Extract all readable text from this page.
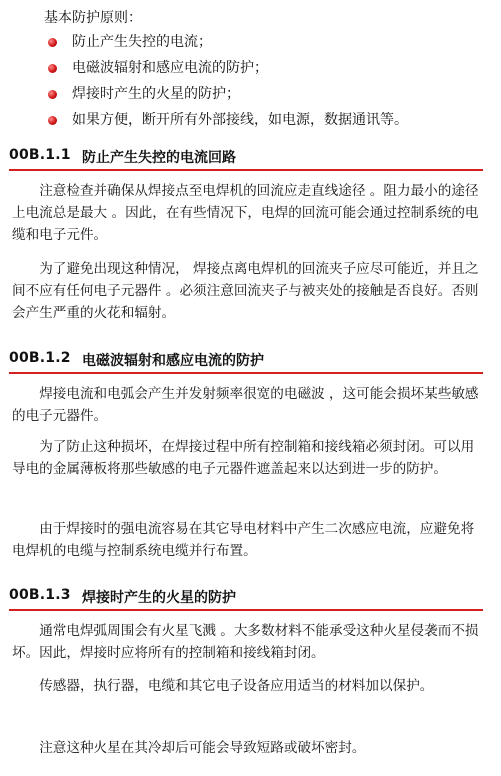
基本防护原则：
防止产生失控的电流；
电磁波辐射和感应电流的防护；
焊接时产生的火星的防护；
如果方便，断开所有外部接线，如电源，数据通讯等。
00B.1.1 防止产生失控的电流回路

注意检查并确保从焊接点至电焊机的回流应走直线途径 。阻力最小的途径上电流总是最大 。因此，在有些情况下，电焊的回流可能会通过控制系统的电缆和电子元件。

为了避免出现这种情况， 焊接点离电焊机的回流夹子应尽可能近，并且之间不应有任何电子元器件 。必须注意回流夹子与被夹处的接触是否良好。否则会产生严重的火花和辐射。

00B.1.2 电磁波辐射和感应电流的防护

焊接电流和电弧会产生并发射频率很宽的电磁波 ，这可能会损坏某些敏感的电子元器件。

为了防止这种损坏，在焊接过程中所有控制箱和接线箱必须封闭。可以用导电的金属薄板将那些敏感的电子元器件遮盖起来以达到进一步的防护。

由于焊接时的强电流容易在其它导电材料中产生二次感应电流，应避免将电焊机的电缆与控制系统电缆并行布置。

00B.1.3 焊接时产生的火星的防护

通常电焊弧周围会有火星飞溅 。大多数材料不能承受这种火星侵袭而不损坏。因此，焊接时应将所有的控制箱和接线箱封闭。

传感器，执行器，电缆和其它电子设备应用适当的材料加以保护。

注意这种火星在其冷却后可能会导致短路或破坏密封。
